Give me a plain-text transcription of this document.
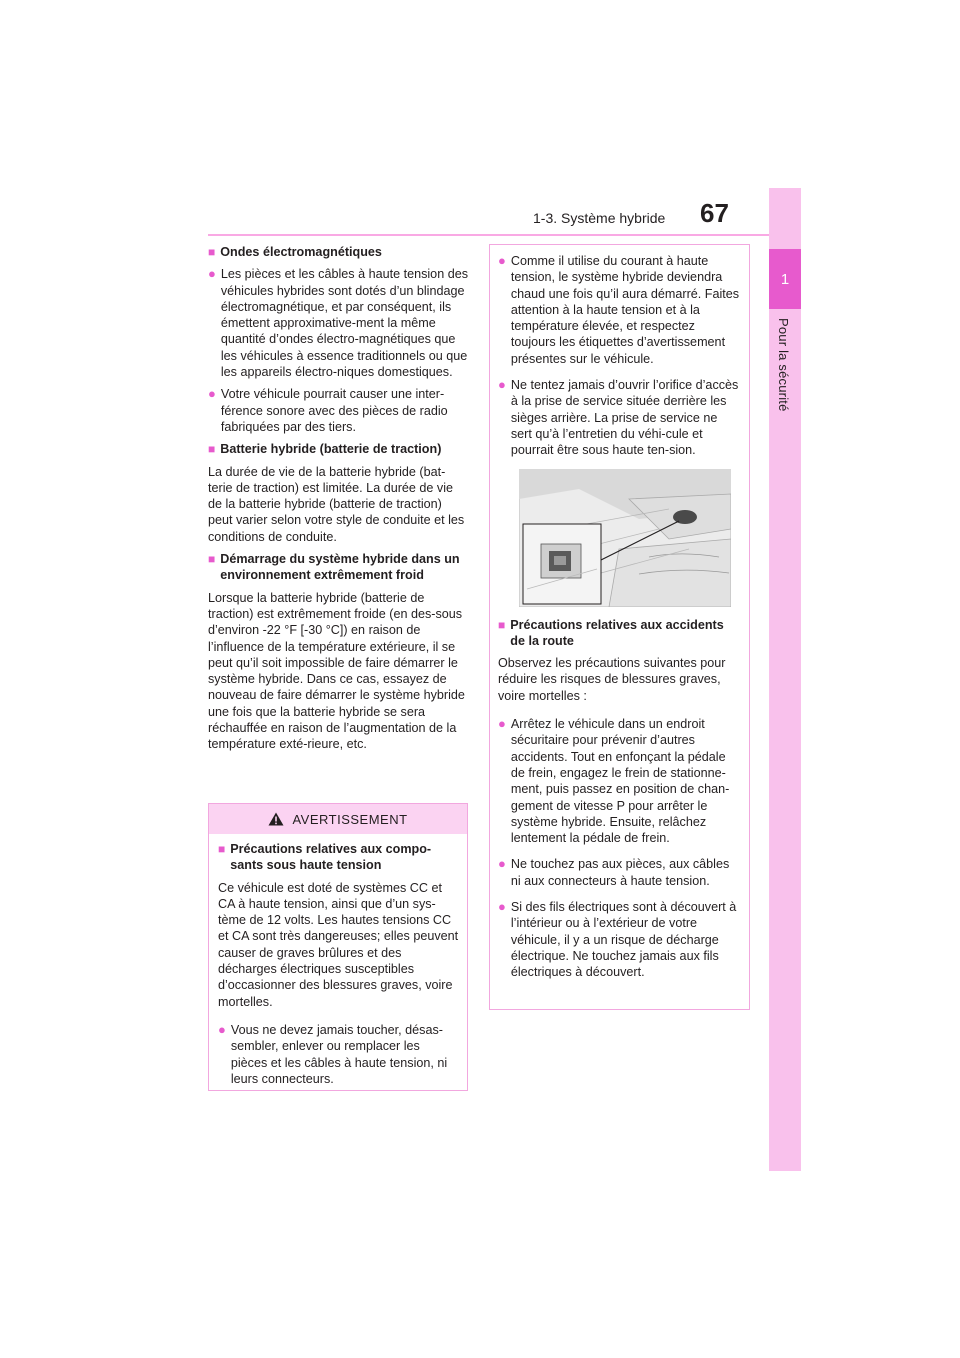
1
Pour la sécurité
1-3. Système hybride 67
■ Ondes électromagnétiques
● Les pièces et les câbles à haute tension des véhicules hybrides sont dotés d’un blindage électromagnétique, et par conséquent, ils émettent approximative-ment la même quantité d’ondes électro-magnétiques que les véhicules à essence traditionnels ou que les appareils électro-niques domestiques.
● Votre véhicule pourrait causer une inter-férence sonore avec des pièces de radio fabriquées par des tiers.
■ Batterie hybride (batterie de traction)

La durée de vie de la batterie hybride (bat-terie de traction) est limitée. La durée de vie de la batterie hybride (batterie de traction) peut varier selon votre style de conduite et les conditions de conduite.

■ Démarrage du système hybride dans un environnement extrêmement froid

Lorsque la batterie hybride (batterie de traction) est extrêmement froide (en des-sous d’environ -22 °F [-30 °C]) en raison de l’influence de la température extérieure, il se peut qu’il soit impossible de faire démarrer le système hybride. Dans ce cas, essayez de nouveau de faire démarrer le système hybride une fois que la batterie hybride se sera réchauffée en raison de l’augmentation de la température exté-rieure, etc.

AVERTISSEMENT
■ Précautions relatives aux compo-sants sous haute tension

Ce véhicule est doté de systèmes CC et CA à haute tension, ainsi que d’un sys-tème de 12 volts. Les hautes tensions CC et CA sont très dangereuses; elles peuvent causer de graves brûlures et des décharges électriques susceptibles d’occasionner des blessures graves, voire mortelles.

● Vous ne devez jamais toucher, désas-sembler, enlever ou remplacer les pièces et les câbles à haute tension, ni leurs connecteurs.
● Comme il utilise du courant à haute tension, le système hybride deviendra chaud une fois qu’il aura démarré. Faites attention à la haute tension et à la température élevée, et respectez toujours les étiquettes d’avertissement présentes sur le véhicule.
● Ne tentez jamais d’ouvrir l’orifice d’accès à la prise de service située derrière les sièges arrière. La prise de service ne sert qu’à l’entretien du véhi-cule et pourrait être sous haute ten-sion.
■ Précautions relatives aux accidents de la route

Observez les précautions suivantes pour réduire les risques de blessures graves, voire mortelles :

● Arrêtez le véhicule dans un endroit sécuritaire pour prévenir d’autres accidents. Tout en enfonçant la pédale de frein, engagez le frein de stationne-ment, puis passez en position de chan-gement de vitesse P pour arrêter le système hybride. Ensuite, relâchez lentement la pédale de frein.
● Ne touchez pas aux pièces, aux câbles ni aux connecteurs à haute tension.
● Si des fils électriques sont à découvert à l’intérieur ou à l’extérieur de votre véhicule, il y a un risque de décharge électrique. Ne touchez jamais aux fils électriques à découvert.
